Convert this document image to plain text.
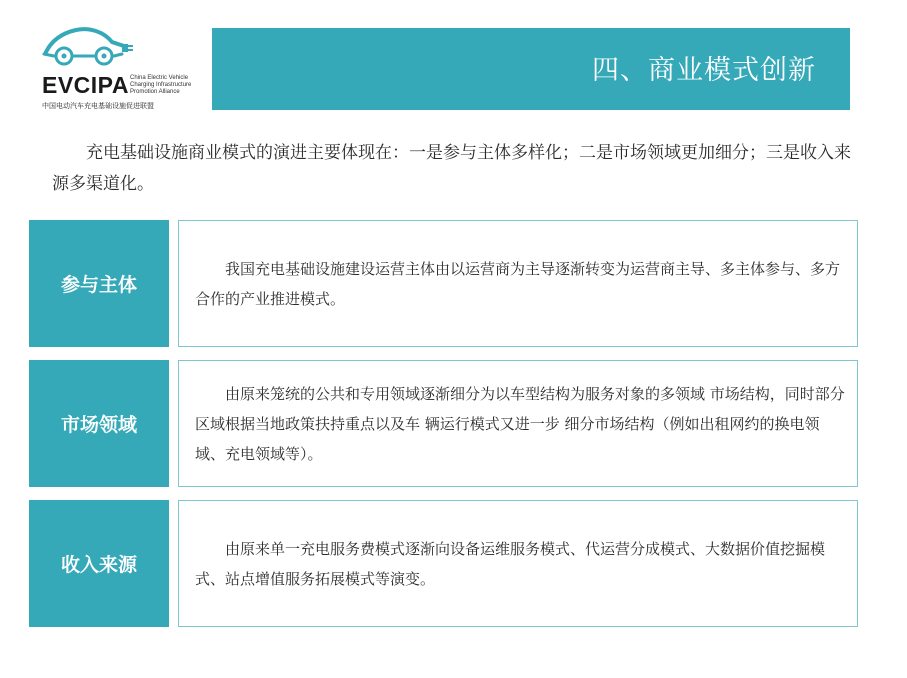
EVCIPA China Electric Vehicle
Charging Infrastructure
Promotion Alliance
中国电动汽车充电基础设施促进联盟
四、商业模式创新

充电基础设施商业模式的演进主要体现在：一是参与主体多样化；二是市场领域更加细分；三是收入来源多渠道化。

参与主体

我国充电基础设施建设运营主体由以运营商为主导逐渐转变为运营商主导、多主体参与、多方合作的产业推进模式。

市场领域

由原来笼统的公共和专用领域逐渐细分为以车型结构为服务对象的多领域 市场结构，同时部分区域根据当地政策扶持重点以及车 辆运行模式又进一步 细分市场结构（例如出租网约的换电领域、充电领域等）。

收入来源

由原来单一充电服务费模式逐渐向设备运维服务模式、代运营分成模式、大数据价值挖掘模式、站点增值服务拓展模式等演变。
